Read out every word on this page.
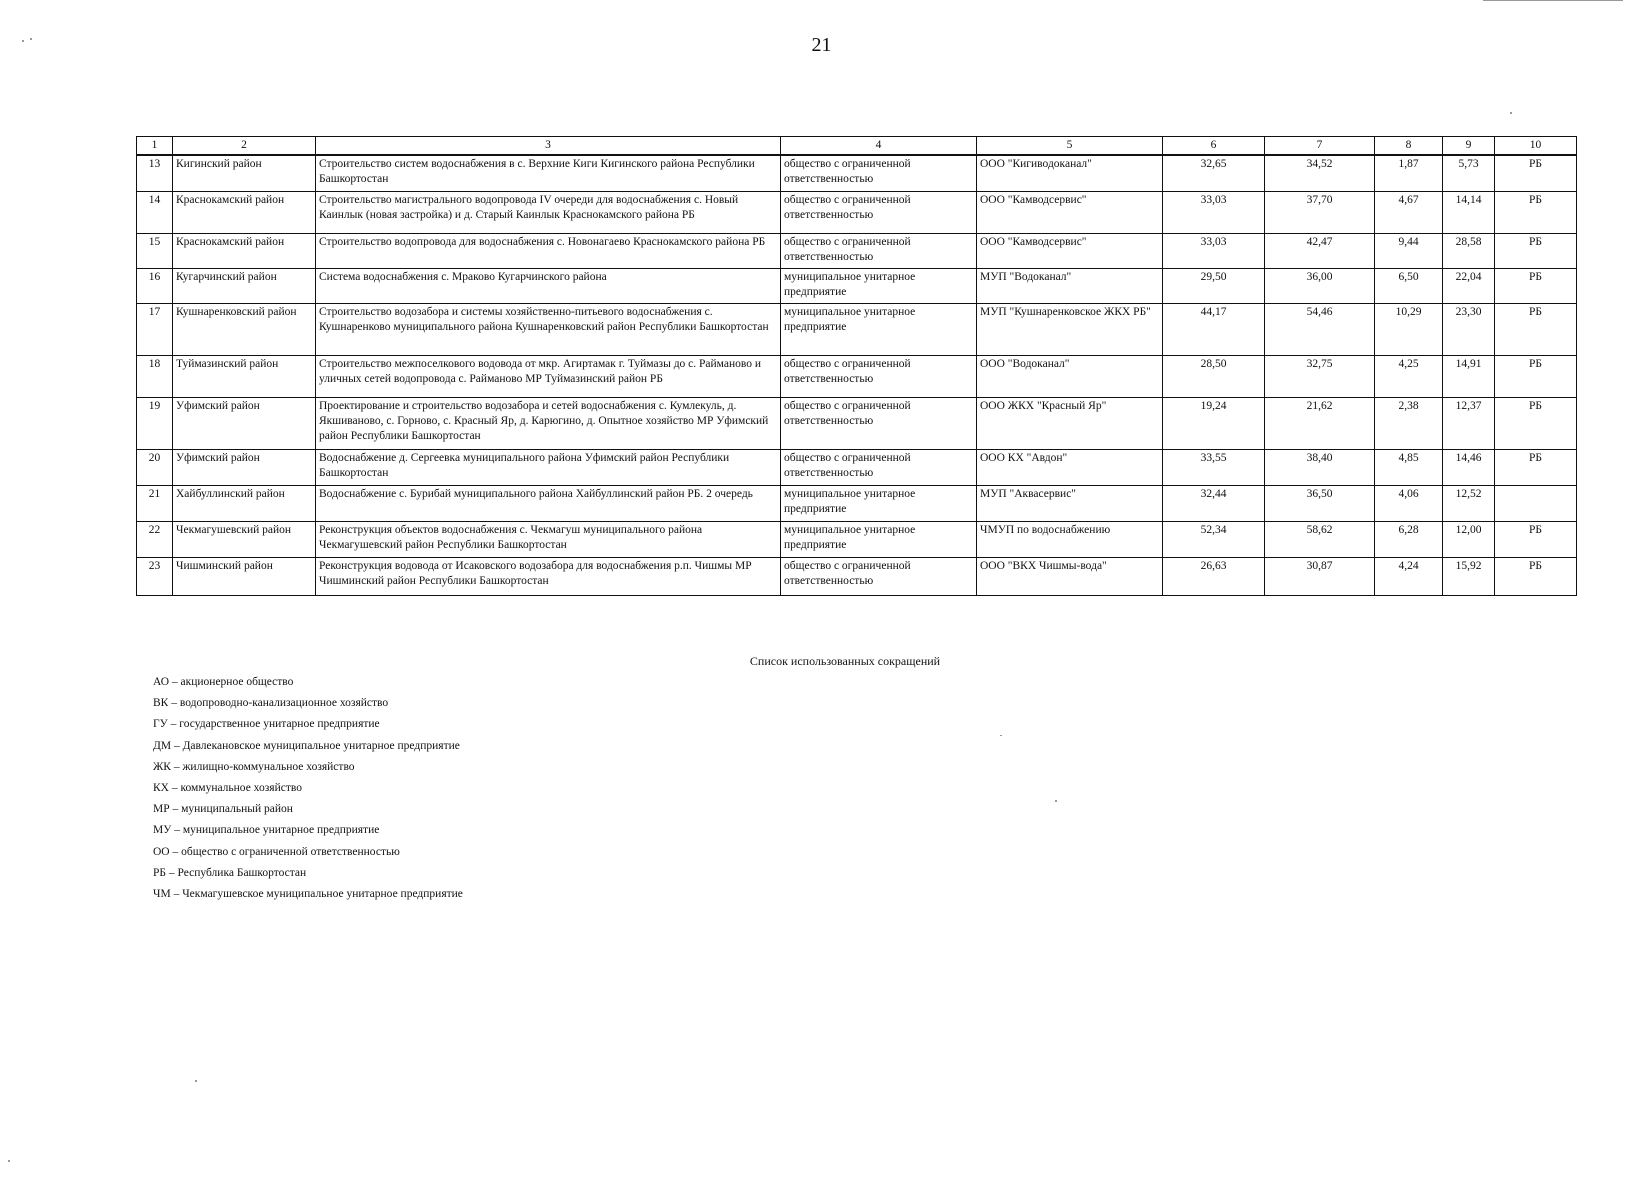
21
1	2	3	4	5	6	7	8	9	10
13	Кигинский район	Строительство систем водоснабжения в с. Верхние Киги Кигинского района Республики Башкортостан	общество с ограниченной ответственностью	ООО "Кигиводоканал"	32,65	34,52	1,87	5,73	РБ
14	Краснокамский район	Строительство магистрального водопровода IV очереди для водоснабжения с. Новый Каинлык (новая застройка) и д. Старый Каинлык Краснокамского района РБ	общество с ограниченной ответственностью	ООО "Камводсервис"	33,03	37,70	4,67	14,14	РБ
15	Краснокамский район	Строительство водопровода для водоснабжения с. Новонагаево Краснокамского района РБ	общество с ограниченной ответственностью	ООО "Камводсервис"	33,03	42,47	9,44	28,58	РБ
16	Кугарчинский район	Система водоснабжения с. Мраково Кугарчинского района	муниципальное унитарное предприятие	МУП "Водоканал"	29,50	36,00	6,50	22,04	РБ
17	Кушнаренковский район	Строительство водозабора и системы хозяйственно-питьевого водоснабжения с. Кушнаренково муниципального района Кушнаренковский район Республики Башкортостан	муниципальное унитарное предприятие	МУП "Кушнаренковское ЖКХ РБ"	44,17	54,46	10,29	23,30	РБ
18	Туймазинский район	Строительство межпоселкового водовода от мкр. Агиртамак г. Туймазы до с. Райманово и уличных сетей водопровода с. Райманово МР Туймазинский район РБ	общество с ограниченной ответственностью	ООО "Водоканал"	28,50	32,75	4,25	14,91	РБ
19	Уфимский район	Проектирование и строительство водозабора и сетей водоснабжения с. Кумлекуль, д. Якшиваново, с. Горново, с. Красный Яр, д. Карюгино, д. Опытное хозяйство МР Уфимский район Республики Башкортостан	общество с ограниченной ответственностью	ООО ЖКХ "Красный Яр"	19,24	21,62	2,38	12,37	РБ
20	Уфимский район	Водоснабжение д. Сергеевка муниципального района Уфимский район Республики Башкортостан	общество с ограниченной ответственностью	ООО КХ "Авдон"	33,55	38,40	4,85	14,46	РБ
21	Хайбуллинский район	Водоснабжение с. Бурибай муниципального района Хайбуллинский район РБ. 2 очередь	муниципальное унитарное предприятие	МУП "Аквасервис"	32,44	36,50	4,06	12,52	
22	Чекмагушевский район	Реконструкция объектов водоснабжения с. Чекмагуш муниципального района Чекмагушевский район Республики Башкортостан	муниципальное унитарное предприятие	ЧМУП по водоснабжению	52,34	58,62	6,28	12,00	РБ
23	Чишминский район	Реконструкция водовода от Исаковского водозабора для водоснабжения р.п. Чишмы МР Чишминский район Республики Башкортостан	общество с ограниченной ответственностью	ООО "ВКХ Чишмы-вода"	26,63	30,87	4,24	15,92	РБ
Список использованных сокращений
АО – акционерное общество
ВК – водопроводно-канализационное хозяйство
ГУ – государственное унитарное предприятие
ДМ – Давлекановское муниципальное унитарное предприятие
ЖК – жилищно-коммунальное хозяйство
КХ – коммунальное хозяйство
МР – муниципальный район
МУ – муниципальное унитарное предприятие
ОО – общество с ограниченной ответственностью
РБ – Республика Башкортостан
ЧМ – Чекмагушевское муниципальное унитарное предприятие
